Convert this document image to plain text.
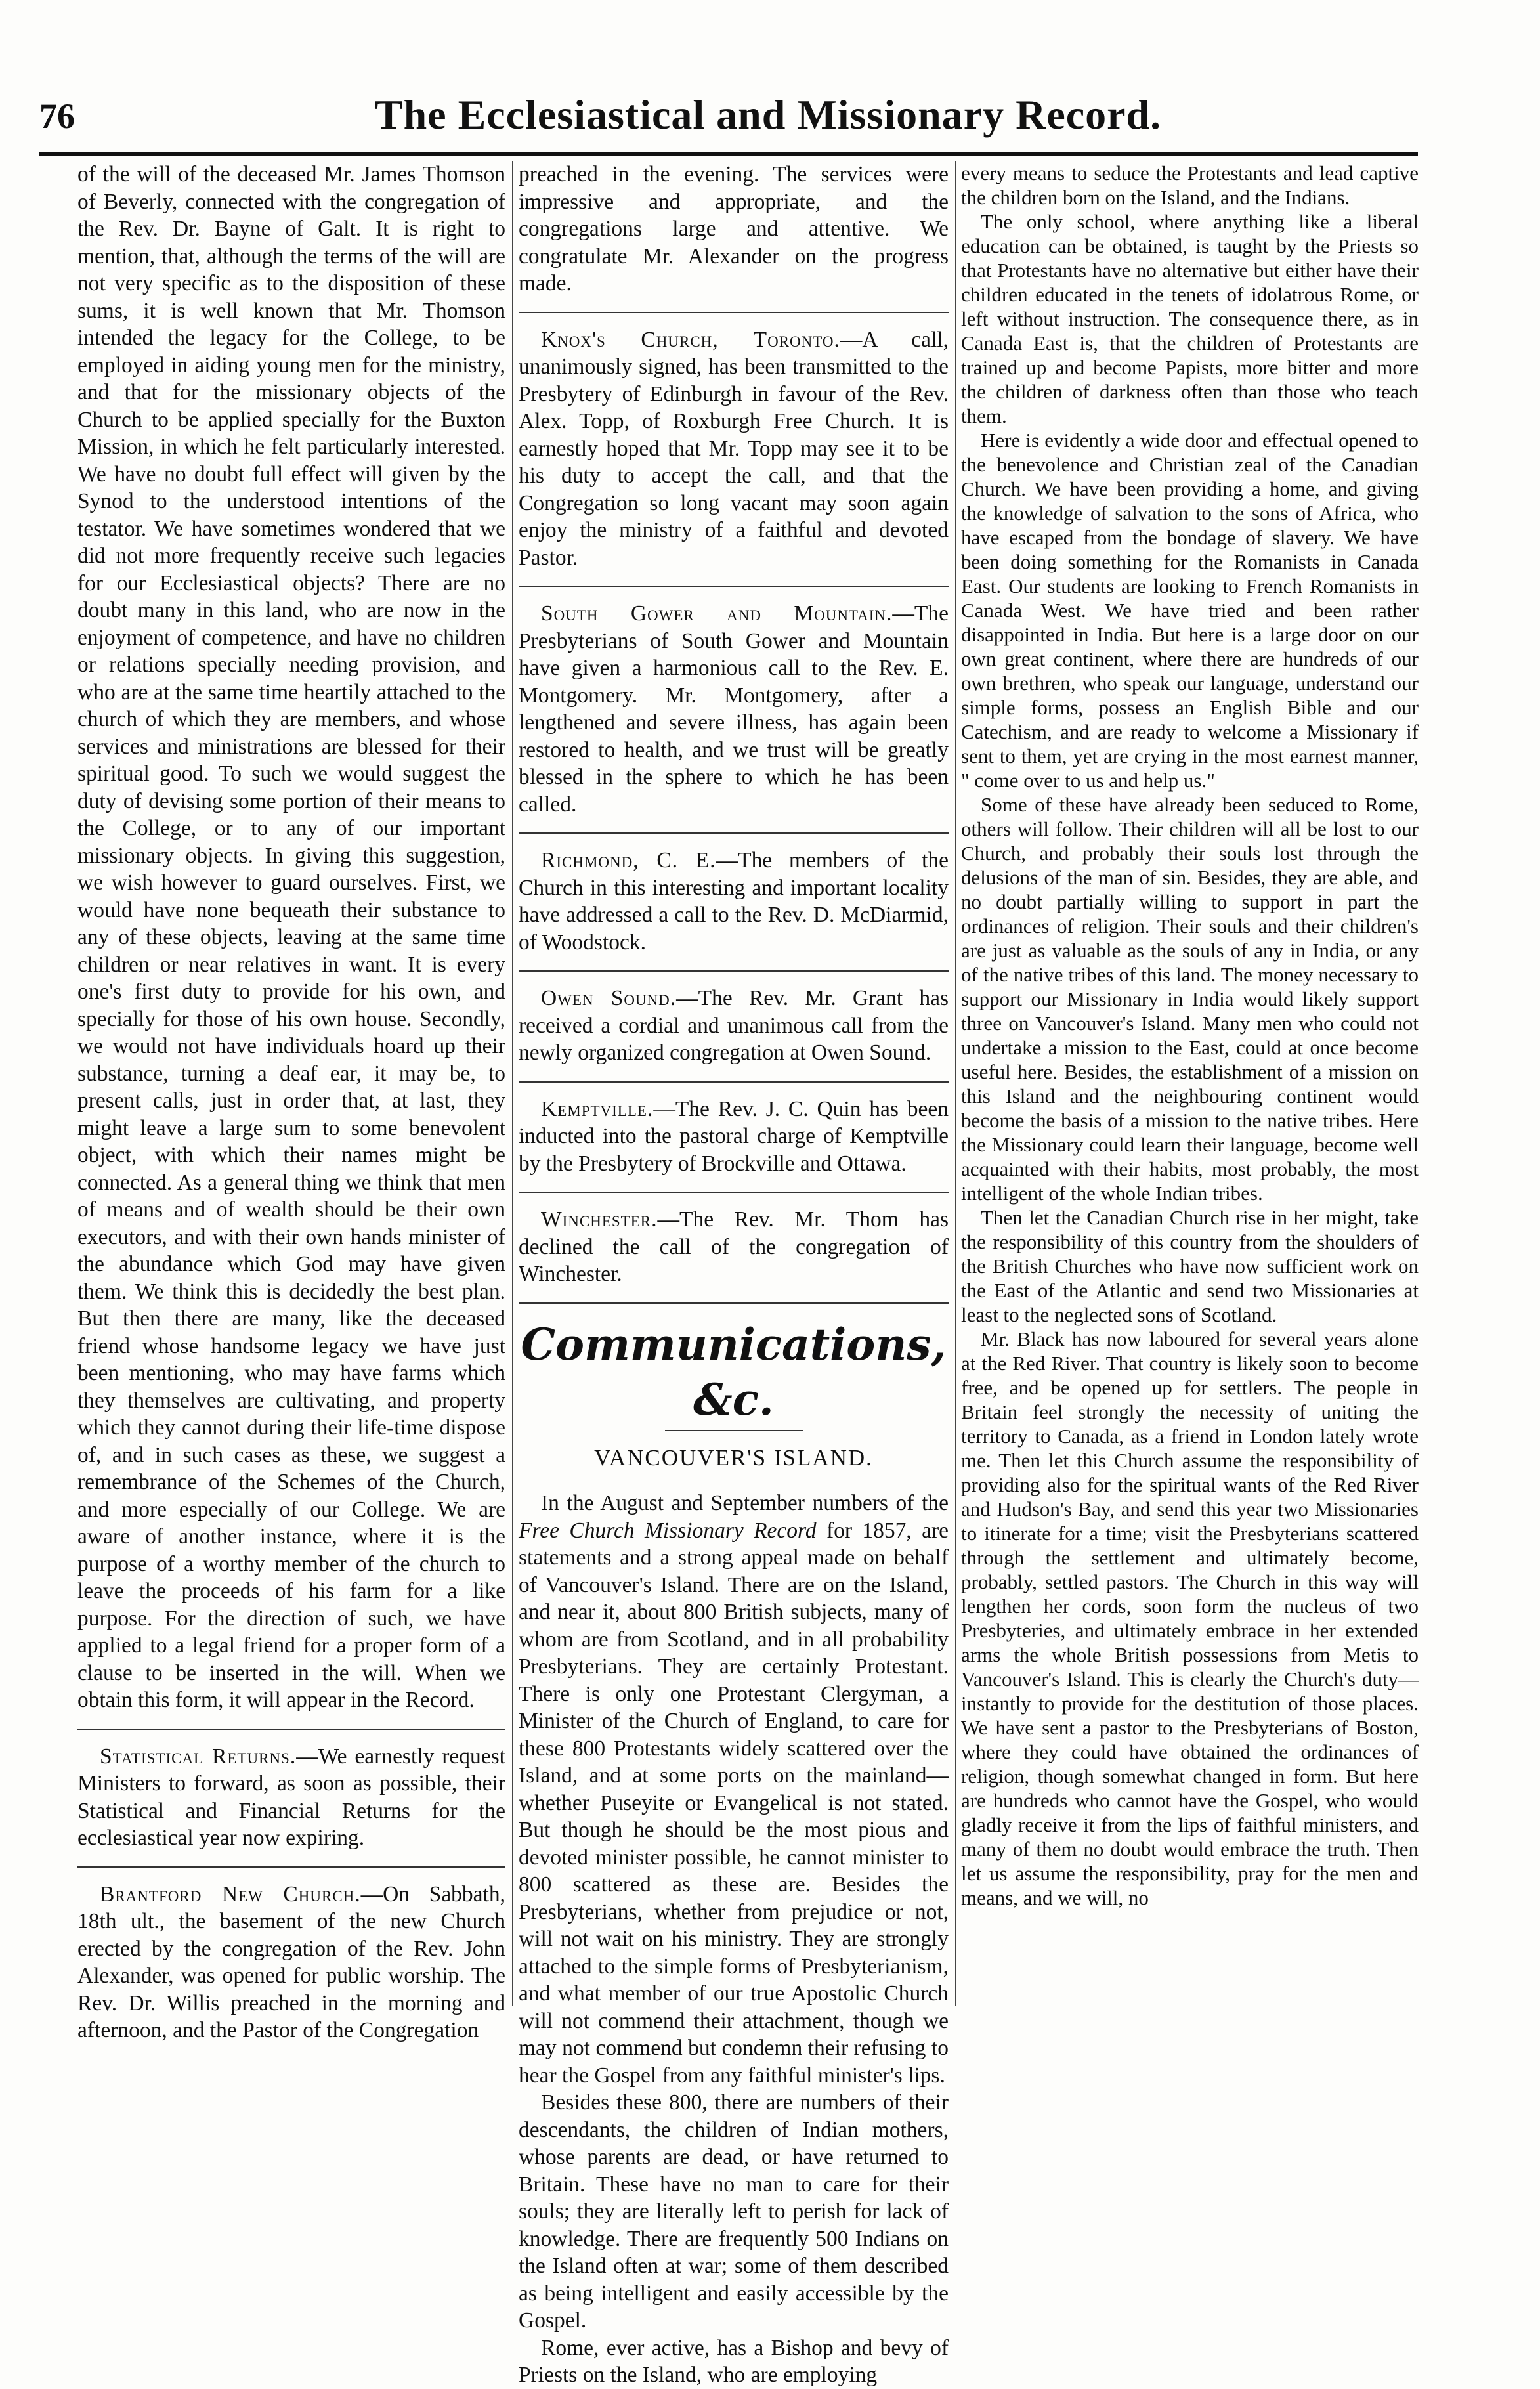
76	The Ecclesiastical and Missionary Record.

of the will of the deceased Mr. James Thomson of Beverly, connected with the congregation of the Rev. Dr. Bayne of Galt. It is right to mention, that, although the terms of the will are not very specific as to the disposition of these sums, it is well known that Mr. Thomson intended the legacy for the College, to be employed in aiding young men for the ministry, and that for the missionary objects of the Church to be applied specially for the Buxton Mission, in which he felt particularly interested. We have no doubt full effect will given by the Synod to the understood intentions of the testator. We have sometimes wondered that we did not more frequently receive such legacies for our Ecclesiastical objects? There are no doubt many in this land, who are now in the enjoyment of competence, and have no children or relations specially needing provision, and who are at the same time heartily attached to the church of which they are members, and whose services and ministrations are blessed for their spiritual good. To such we would suggest the duty of devising some portion of their means to the College, or to any of our important missionary objects. In giving this suggestion, we wish however to guard ourselves. First, we would have none bequeath their substance to any of these objects, leaving at the same time children or near relatives in want. It is every one's first duty to provide for his own, and specially for those of his own house. Secondly, we would not have individuals hoard up their substance, turning a deaf ear, it may be, to present calls, just in order that, at last, they might leave a large sum to some benevolent object, with which their names might be connected. As a general thing we think that men of means and of wealth should be their own executors, and with their own hands minister of the abundance which God may have given them. We think this is decidedly the best plan. But then there are many, like the deceased friend whose handsome legacy we have just been mentioning, who may have farms which they themselves are cultivating, and property which they cannot during their life-time dispose of, and in such cases as these, we suggest a remembrance of the Schemes of the Church, and more especially of our College. We are aware of another instance, where it is the purpose of a worthy member of the church to leave the proceeds of his farm for a like purpose. For the direction of such, we have applied to a legal friend for a proper form of a clause to be inserted in the will. When we obtain this form, it will appear in the Record.

Statistical Returns.—We earnestly request Ministers to forward, as soon as possible, their Statistical and Financial Returns for the ecclesiastical year now expiring.

Brantford New Church.—On Sabbath, 18th ult., the basement of the new Church erected by the congregation of the Rev. John Alexander, was opened for public worship. The Rev. Dr. Willis preached in the morning and afternoon, and the Pastor of the Congregation

preached in the evening. The services were impressive and appropriate, and the congregations large and attentive. We congratulate Mr. Alexander on the progress made.

Knox's Church, Toronto.—A call, unanimously signed, has been transmitted to the Presbytery of Edinburgh in favour of the Rev. Alex. Topp, of Roxburgh Free Church. It is earnestly hoped that Mr. Topp may see it to be his duty to accept the call, and that the Congregation so long vacant may soon again enjoy the ministry of a faithful and devoted Pastor.

South Gower and Mountain.—The Presbyterians of South Gower and Mountain have given a harmonious call to the Rev. E. Montgomery. Mr. Montgomery, after a lengthened and severe illness, has again been restored to health, and we trust will be greatly blessed in the sphere to which he has been called.

Richmond, C. E.—The members of the Church in this interesting and important locality have addressed a call to the Rev. D. McDiarmid, of Woodstock.

Owen Sound.—The Rev. Mr. Grant has received a cordial and unanimous call from the newly organized congregation at Owen Sound.

Kemptville.—The Rev. J. C. Quin has been inducted into the pastoral charge of Kemptville by the Presbytery of Brockville and Ottawa.

Winchester.—The Rev. Mr. Thom has declined the call of the congregation of Winchester.

Communications, &c.
VANCOUVER'S ISLAND.

In the August and September numbers of the Free Church Missionary Record for 1857, are statements and a strong appeal made on behalf of Vancouver's Island. There are on the Island, and near it, about 800 British subjects, many of whom are from Scotland, and in all probability Presbyterians. They are certainly Protestant. There is only one Protestant Clergyman, a Minister of the Church of England, to care for these 800 Protestants widely scattered over the Island, and at some ports on the mainland—whether Puseyite or Evangelical is not stated. But though he should be the most pious and devoted minister possible, he cannot minister to 800 scattered as these are. Besides the Presbyterians, whether from prejudice or not, will not wait on his ministry. They are strongly attached to the simple forms of Presbyterianism, and what member of our true Apostolic Church will not commend their attachment, though we may not commend but condemn their refusing to hear the Gospel from any faithful minister's lips.

Besides these 800, there are numbers of their descendants, the children of Indian mothers, whose parents are dead, or have returned to Britain. These have no man to care for their souls; they are literally left to perish for lack of knowledge. There are frequently 500 Indians on the Island often at war; some of them described as being intelligent and easily accessible by the Gospel.

Rome, ever active, has a Bishop and bevy of Priests on the Island, who are employing

every means to seduce the Protestants and lead captive the children born on the Island, and the Indians.

The only school, where anything like a liberal education can be obtained, is taught by the Priests so that Protestants have no alternative but either have their children educated in the tenets of idolatrous Rome, or left without instruction. The consequence there, as in Canada East is, that the children of Protestants are trained up and become Papists, more bitter and more the children of darkness often than those who teach them.

Here is evidently a wide door and effectual opened to the benevolence and Christian zeal of the Canadian Church. We have been providing a home, and giving the knowledge of salvation to the sons of Africa, who have escaped from the bondage of slavery. We have been doing something for the Romanists in Canada East. Our students are looking to French Romanists in Canada West. We have tried and been rather disappointed in India. But here is a large door on our own great continent, where there are hundreds of our own brethren, who speak our language, understand our simple forms, possess an English Bible and our Catechism, and are ready to welcome a Missionary if sent to them, yet are crying in the most earnest manner, " come over to us and help us."

Some of these have already been seduced to Rome, others will follow. Their children will all be lost to our Church, and probably their souls lost through the delusions of the man of sin. Besides, they are able, and no doubt partially willing to support in part the ordinances of religion. Their souls and their children's are just as valuable as the souls of any in India, or any of the native tribes of this land. The money necessary to support our Missionary in India would likely support three on Vancouver's Island. Many men who could not undertake a mission to the East, could at once become useful here. Besides, the establishment of a mission on this Island and the neighbouring continent would become the basis of a mission to the native tribes. Here the Missionary could learn their language, become well acquainted with their habits, most probably, the most intelligent of the whole Indian tribes.

Then let the Canadian Church rise in her might, take the responsibility of this country from the shoulders of the British Churches who have now sufficient work on the East of the Atlantic and send two Missionaries at least to the neglected sons of Scotland.

Mr. Black has now laboured for several years alone at the Red River. That country is likely soon to become free, and be opened up for settlers. The people in Britain feel strongly the necessity of uniting the territory to Canada, as a friend in London lately wrote me. Then let this Church assume the responsibility of providing also for the spiritual wants of the Red River and Hudson's Bay, and send this year two Missionaries to itinerate for a time; visit the Presbyterians scattered through the settlement and ultimately become, probably, settled pastors. The Church in this way will lengthen her cords, soon form the nucleus of two Presbyteries, and ultimately embrace in her extended arms the whole British possessions from Metis to Vancouver's Island. This is clearly the Church's duty—instantly to provide for the destitution of those places. We have sent a pastor to the Presbyterians of Boston, where they could have obtained the ordinances of religion, though somewhat changed in form. But here are hundreds who cannot have the Gospel, who would gladly receive it from the lips of faithful ministers, and many of them no doubt would embrace the truth. Then let us assume the responsibility, pray for the men and means, and we will, no
